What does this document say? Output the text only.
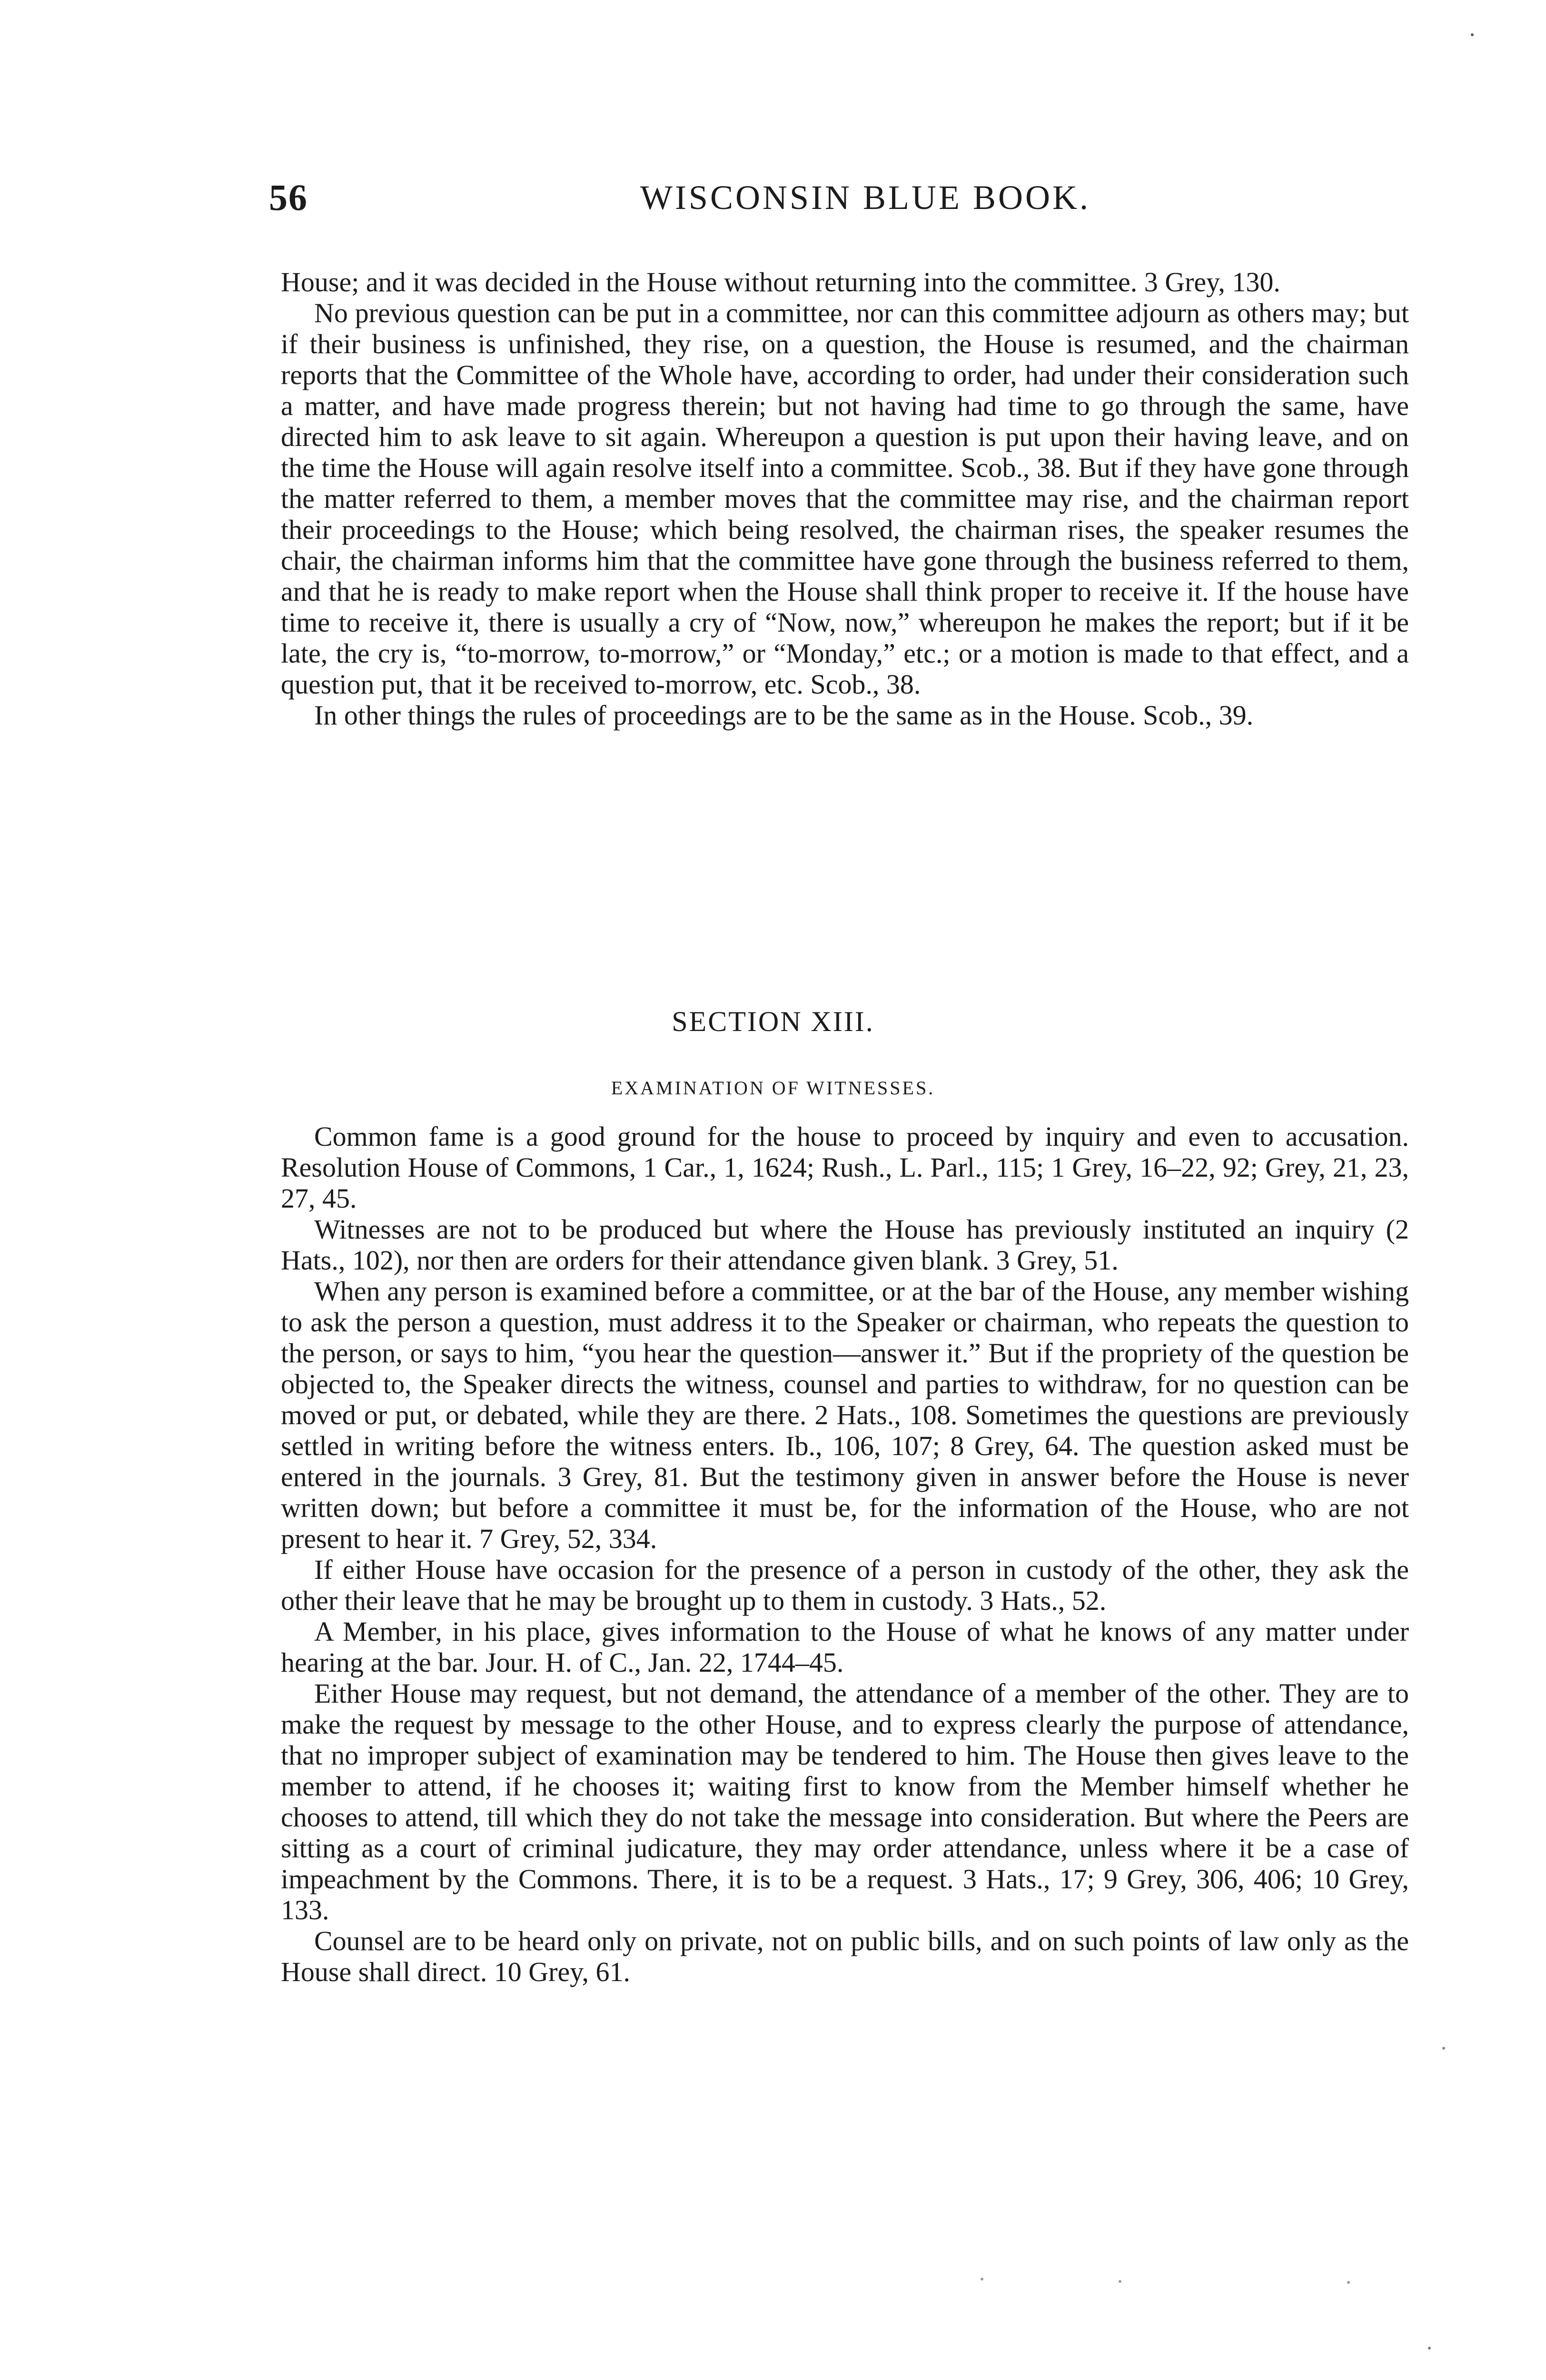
56	WISCONSIN BLUE BOOK.

House; and it was decided in the House without returning into the committee. 3 Grey, 130.

No previous question can be put in a committee, nor can this committee adjourn as others may; but if their business is unfinished, they rise, on a question, the House is resumed, and the chairman reports that the Committee of the Whole have, according to order, had under their consideration such a matter, and have made progress therein; but not having had time to go through the same, have directed him to ask leave to sit again. Whereupon a question is put upon their having leave, and on the time the House will again resolve itself into a committee. Scob., 38. But if they have gone through the matter referred to them, a member moves that the committee may rise, and the chairman report their proceedings to the House; which being resolved, the chairman rises, the speaker resumes the chair, the chairman informs him that the committee have gone through the business referred to them, and that he is ready to make report when the House shall think proper to receive it. If the house have time to receive it, there is usually a cry of “Now, now,” whereupon he makes the report; but if it be late, the cry is, “to-morrow, to-morrow,” or “Monday,” etc.; or a motion is made to that effect, and a question put, that it be received to-morrow, etc. Scob., 38.

In other things the rules of proceedings are to be the same as in the House. Scob., 39.

SECTION XIII.
EXAMINATION OF WITNESSES.

Common fame is a good ground for the house to proceed by inquiry and even to accusation. Resolution House of Commons, 1 Car., 1, 1624; Rush., L. Parl., 115; 1 Grey, 16–22, 92; Grey, 21, 23, 27, 45.

Witnesses are not to be produced but where the House has previously instituted an inquiry (2 Hats., 102), nor then are orders for their attendance given blank. 3 Grey, 51.

When any person is examined before a committee, or at the bar of the House, any member wishing to ask the person a question, must address it to the Speaker or chairman, who repeats the question to the person, or says to him, “you hear the question—answer it.” But if the propriety of the question be objected to, the Speaker directs the witness, counsel and parties to withdraw, for no question can be moved or put, or debated, while they are there. 2 Hats., 108. Sometimes the questions are previously settled in writing before the witness enters. Ib., 106, 107; 8 Grey, 64. The question asked must be entered in the journals. 3 Grey, 81. But the testimony given in answer before the House is never written down; but before a committee it must be, for the information of the House, who are not present to hear it. 7 Grey, 52, 334.

If either House have occasion for the presence of a person in custody of the other, they ask the other their leave that he may be brought up to them in custody. 3 Hats., 52.

A Member, in his place, gives information to the House of what he knows of any matter under hearing at the bar. Jour. H. of C., Jan. 22, 1744–45.

Either House may request, but not demand, the attendance of a member of the other. They are to make the request by message to the other House, and to express clearly the purpose of attendance, that no improper subject of examination may be tendered to him. The House then gives leave to the member to attend, if he chooses it; waiting first to know from the Member himself whether he chooses to attend, till which they do not take the message into consideration. But where the Peers are sitting as a court of criminal judicature, they may order attendance, unless where it be a case of impeachment by the Commons. There, it is to be a request. 3 Hats., 17; 9 Grey, 306, 406; 10 Grey, 133.

Counsel are to be heard only on private, not on public bills, and on such points of law only as the House shall direct. 10 Grey, 61.
